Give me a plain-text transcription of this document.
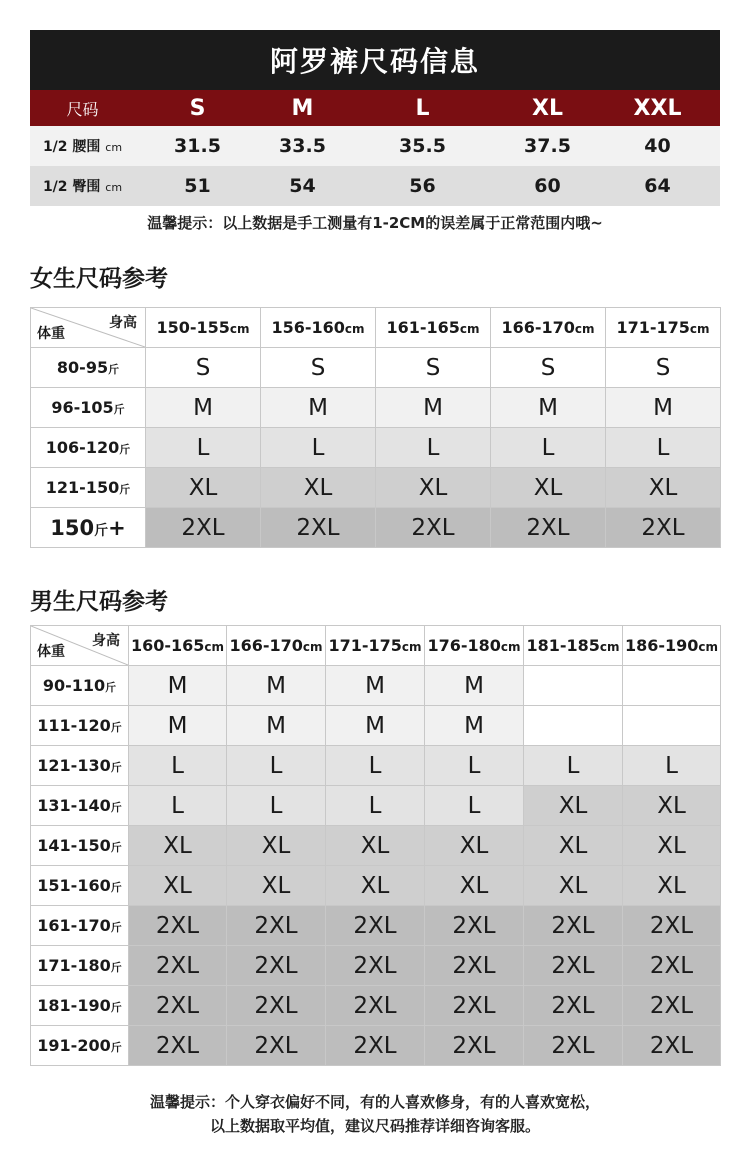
阿罗裤尺码信息
尺码	S	M	L	XL	XXL
1/2 腰围 cm	31.5	33.5	35.5	37.5	40
1/2 臀围 cm	51	54	56	60	64
温馨提示：以上数据是手工测量有1-2CM的误差属于正常范围内哦~
女生尺码参考
身高
体重	150-155cm	156-160cm	161-165cm	166-170cm	171-175cm
80-95斤	S	S	S	S	S
96-105斤	M	M	M	M	M
106-120斤	L	L	L	L	L
121-150斤	XL	XL	XL	XL	XL
150斤+	2XL	2XL	2XL	2XL	2XL
男生尺码参考
身高
体重	160-165cm	166-170cm	171-175cm	176-180cm	181-185cm	186-190cm
90-110斤	M	M	M	M		
111-120斤	M	M	M	M		
121-130斤	L	L	L	L	L	L
131-140斤	L	L	L	L	XL	XL
141-150斤	XL	XL	XL	XL	XL	XL
151-160斤	XL	XL	XL	XL	XL	XL
161-170斤	2XL	2XL	2XL	2XL	2XL	2XL
171-180斤	2XL	2XL	2XL	2XL	2XL	2XL
181-190斤	2XL	2XL	2XL	2XL	2XL	2XL
191-200斤	2XL	2XL	2XL	2XL	2XL	2XL
温馨提示：个人穿衣偏好不同，有的人喜欢修身，有的人喜欢宽松，
以上数据取平均值，建议尺码推荐详细咨询客服。
